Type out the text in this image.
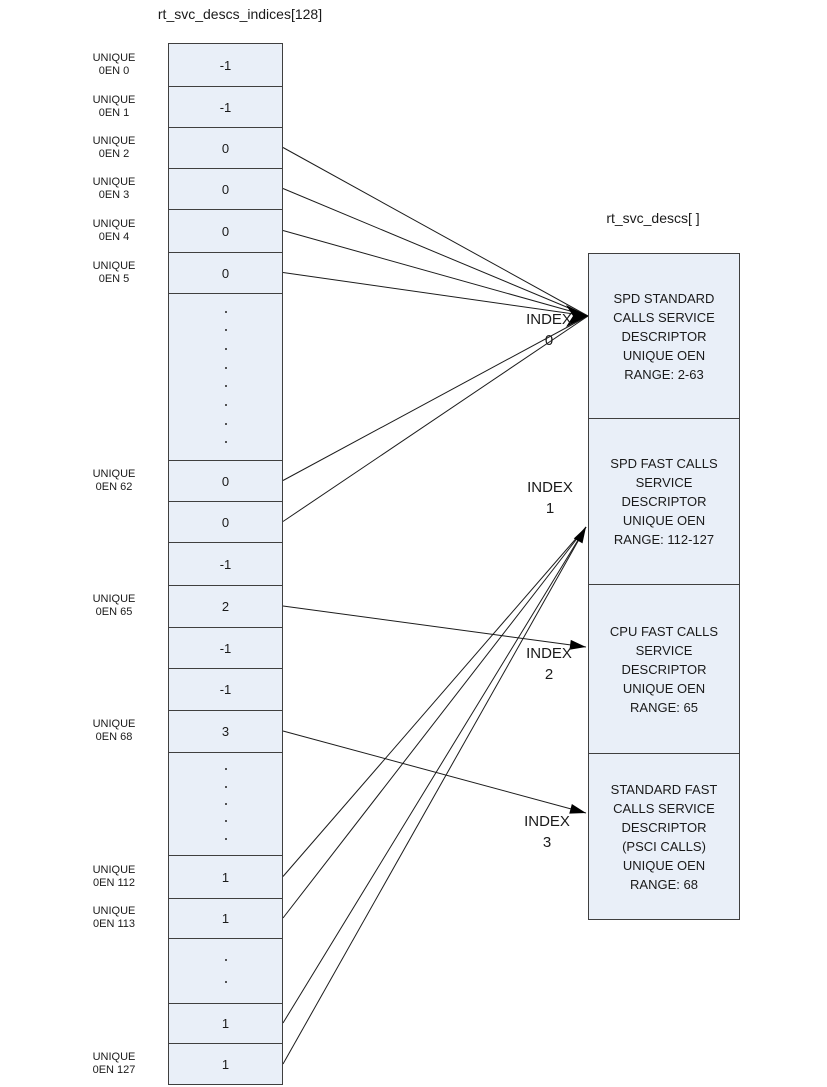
rt_svc_descs_indices[128]
rt_svc_descs[ ]
-1
-1
0
0
0
0
0
0
-1
2
-1
-1
3
1
1
1
1
UNIQUE 0EN 0
UNIQUE 0EN 1
UNIQUE 0EN 2
UNIQUE 0EN 3
UNIQUE 0EN 4
UNIQUE 0EN 5
UNIQUE 0EN 62
UNIQUE 0EN 65
UNIQUE 0EN 68
UNIQUE 0EN 112
UNIQUE 0EN 113
UNIQUE 0EN 127
SPD STANDARD
CALLS SERVICE
DESCRIPTOR
UNIQUE OEN
RANGE: 2-63
SPD FAST CALLS
SERVICE
DESCRIPTOR
UNIQUE OEN
RANGE: 112-127
CPU FAST CALLS
SERVICE
DESCRIPTOR
UNIQUE OEN
RANGE: 65
STANDARD FAST
CALLS SERVICE
DESCRIPTOR
(PSCI CALLS)
UNIQUE OEN
RANGE: 68
INDEX
0
INDEX
1
INDEX
2
INDEX
3
